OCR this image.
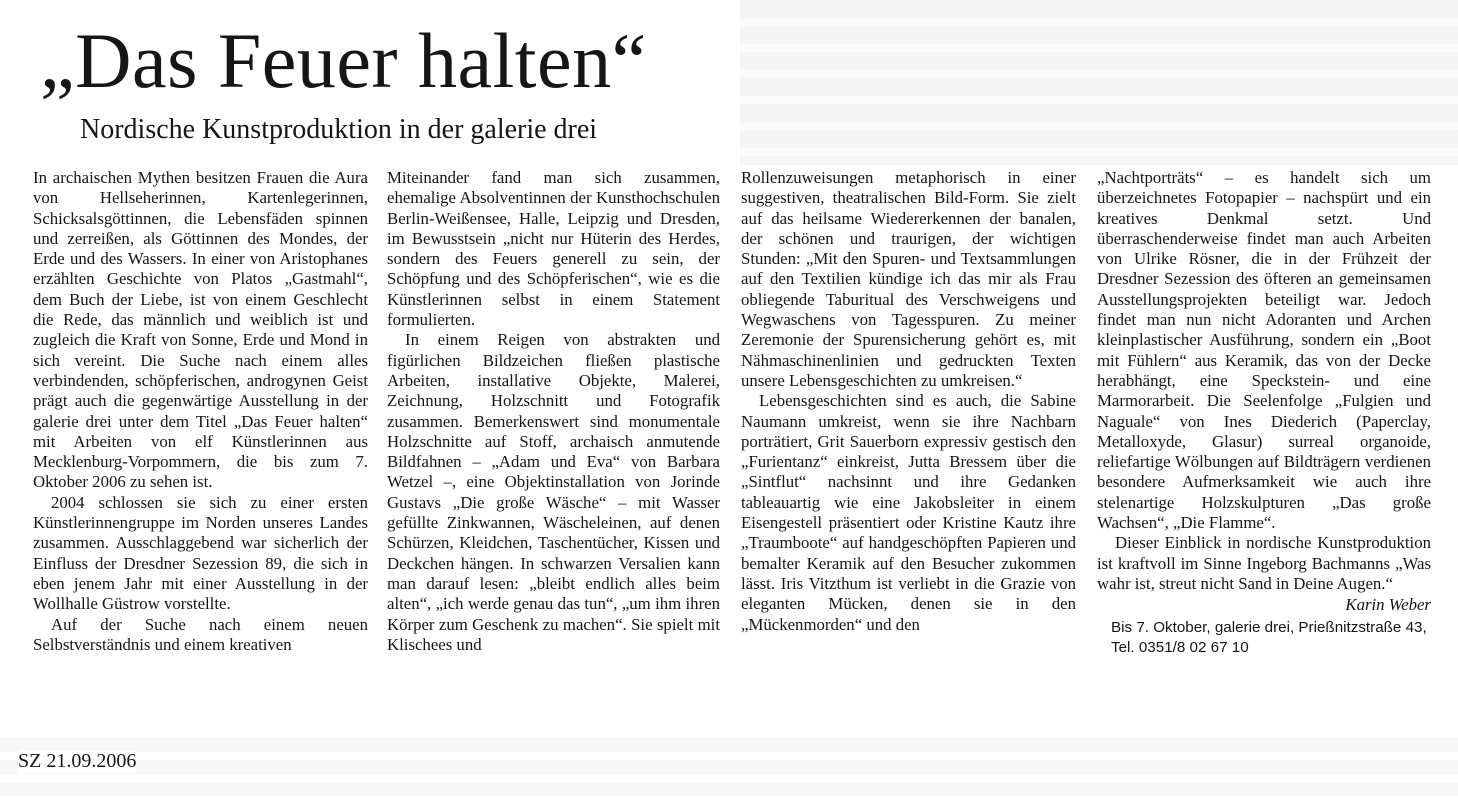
„Das Feuer halten“
Nordische Kunstproduktion in der galerie drei

In archaischen Mythen besitzen Frauen die Aura von Hellseherinnen, Kartenlegerinnen, Schicksalsgöttinnen, die Lebensfäden spinnen und zerreißen, als Göttinnen des Mondes, der Erde und des Wassers. In einer von Aristophanes erzählten Geschichte von Platos „Gastmahl“, dem Buch der Liebe, ist von einem Geschlecht die Rede, das männlich und weiblich ist und zugleich die Kraft von Sonne, Erde und Mond in sich vereint. Die Suche nach einem alles verbindenden, schöpferischen, androgynen Geist prägt auch die gegenwärtige Ausstellung in der galerie drei unter dem Titel „Das Feuer halten“ mit Arbeiten von elf Künstlerinnen aus Mecklenburg-Vorpommern, die bis zum 7. Oktober 2006 zu sehen ist.

2004 schlossen sie sich zu einer ersten Künstlerinnengruppe im Norden unseres Landes zusammen. Ausschlaggebend war sicherlich der Einfluss der Dresdner Sezession 89, die sich in eben jenem Jahr mit einer Ausstellung in der Wollhalle Güstrow vorstellte.

Auf der Suche nach einem neuen Selbstverständnis und einem kreativen

Miteinander fand man sich zusammen, ehemalige Absolventinnen der Kunsthochschulen Berlin-Weißensee, Halle, Leipzig und Dresden, im Bewusstsein „nicht nur Hüterin des Herdes, sondern des Feuers generell zu sein, der Schöpfung und des Schöpferischen“, wie es die Künstlerinnen selbst in einem Statement formulierten.

In einem Reigen von abstrakten und figürlichen Bildzeichen fließen plastische Arbeiten, installative Objekte, Malerei, Zeichnung, Holzschnitt und Fotografik zusammen. Bemerkenswert sind monumentale Holzschnitte auf Stoff, archaisch anmutende Bildfahnen – „Adam und Eva“ von Barbara Wetzel –, eine Objektinstallation von Jorinde Gustavs „Die große Wäsche“ – mit Wasser gefüllte Zinkwannen, Wäscheleinen, auf denen Schürzen, Kleidchen, Taschentücher, Kissen und Deckchen hängen. In schwarzen Versalien kann man darauf lesen: „bleibt endlich alles beim alten“, „ich werde genau das tun“, „um ihm ihren Körper zum Geschenk zu machen“. Sie spielt mit Klischees und

Rollenzuweisungen metaphorisch in einer suggestiven, theatralischen Bild-Form. Sie zielt auf das heilsame Wiedererkennen der banalen, der schönen und traurigen, der wichtigen Stunden: „Mit den Spuren- und Textsammlungen auf den Textilien kündige ich das mir als Frau obliegende Taburitual des Verschweigens und Wegwaschens von Tagesspuren. Zu meiner Zeremonie der Spurensicherung gehört es, mit Nähmaschinenlinien und gedruckten Texten unsere Lebensgeschichten zu umkreisen.“

Lebensgeschichten sind es auch, die Sabine Naumann umkreist, wenn sie ihre Nachbarn porträtiert, Grit Sauerborn expressiv gestisch den „Furientanz“ einkreist, Jutta Bressem über die „Sintflut“ nachsinnt und ihre Gedanken tableauartig wie eine Jakobsleiter in einem Eisengestell präsentiert oder Kristine Kautz ihre „Traumboote“ auf handgeschöpften Papieren und bemalter Keramik auf den Besucher zukommen lässt. Iris Vitzthum ist verliebt in die Grazie von eleganten Mücken, denen sie in den „Mückenmorden“ und den

„Nachtporträts“ – es handelt sich um überzeichnetes Fotopapier – nachspürt und ein kreatives Denkmal setzt. Und überraschenderweise findet man auch Arbeiten von Ulrike Rösner, die in der Frühzeit der Dresdner Sezession des öfteren an gemeinsamen Ausstellungsprojekten beteiligt war. Jedoch findet man nun nicht Adoranten und Archen kleinplastischer Ausführung, sondern ein „Boot mit Fühlern“ aus Keramik, das von der Decke herabhängt, eine Speckstein- und eine Marmorarbeit. Die Seelenfolge „Fulgien und Naguale“ von Ines Diederich (Paperclay, Metalloxyde, Glasur) surreal organoide, reliefartige Wölbungen auf Bildträgern verdienen besondere Aufmerksamkeit wie auch ihre stelenartige Holzskulpturen „Das große Wachsen“, „Die Flamme“.

Dieser Einblick in nordische Kunstproduktion ist kraftvoll im Sinne Ingeborg Bachmanns „Was wahr ist, streut nicht Sand in Deine Augen.“

Karin Weber
Bis 7. Oktober, galerie drei, Prießnitzstraße 43, Tel. 0351/8 02 67 10
SZ 21.09.2006
